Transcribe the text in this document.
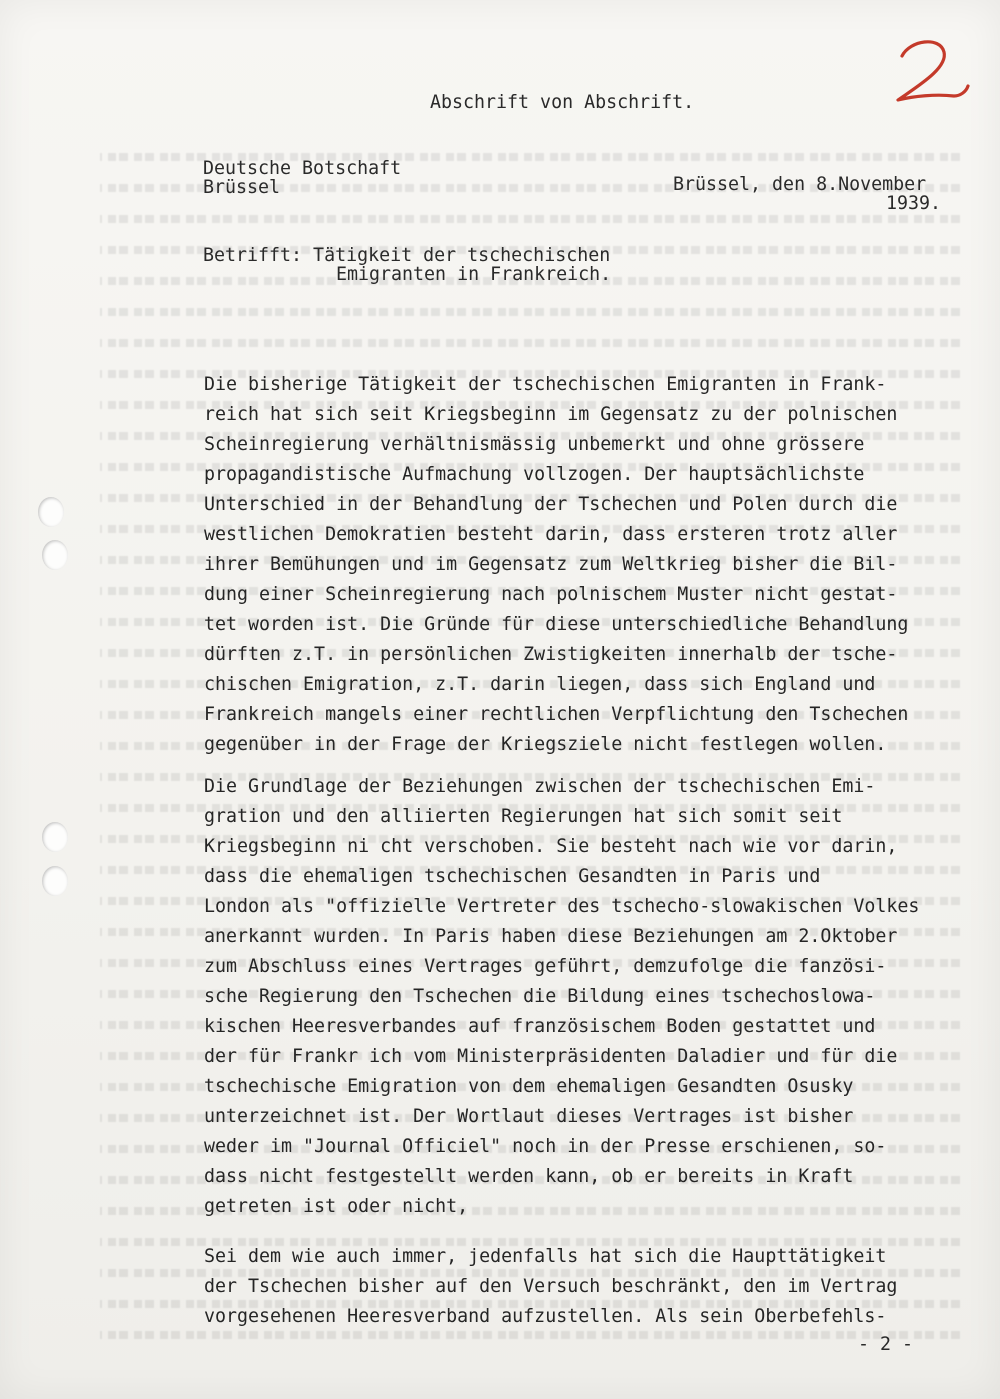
Abschrift von Abschrift.
Deutsche Botschaft
Brüssel	Brüssel, den 8.November
1939.
Betrifft: Tätigkeit der tschechischen
Emigranten in Frankreich.
Die bisherige Tätigkeit der tschechischen Emigranten in Frank-
reich hat sich seit Kriegsbeginn im Gegensatz zu der polnischen
Scheinregierung verhältnismässig unbemerkt und ohne grössere
propagandistische Aufmachung vollzogen. Der hauptsächlichste
Unterschied in der Behandlung der Tschechen und Polen durch die
westlichen Demokratien besteht darin, dass ersteren trotz aller
ihrer Bemühungen und im Gegensatz zum Weltkrieg bisher die Bil-
dung einer Scheinregierung nach polnischem Muster nicht gestat-
tet worden ist. Die Gründe für diese unterschiedliche Behandlung
dürften z.T. in persönlichen Zwistigkeiten innerhalb der tsche-
chischen Emigration, z.T. darin liegen, dass sich England und
Frankreich mangels einer rechtlichen Verpflichtung den Tschechen
gegenüber in der Frage der Kriegsziele nicht festlegen wollen.
Die Grundlage der Beziehungen zwischen der tschechischen Emi-
gration und den alliierten Regierungen hat sich somit seit
Kriegsbeginn ni cht verschoben. Sie besteht nach wie vor darin,
dass die ehemaligen tschechischen Gesandten in Paris und
London als "offizielle Vertreter des tschecho-slowakischen Volkes
anerkannt wurden. In Paris haben diese Beziehungen am 2.Oktober
zum Abschluss eines Vertrages geführt, demzufolge die fanzösi-
sche Regierung den Tschechen die Bildung eines tschechoslowa-
kischen Heeresverbandes auf französischem Boden gestattet und
der für Frankr ich vom Ministerpräsidenten Daladier und für die
tschechische Emigration von dem ehemaligen Gesandten Osusky
unterzeichnet ist. Der Wortlaut dieses Vertrages ist bisher
weder im "Journal Officiel" noch in der Presse erschienen, so-
dass nicht festgestellt werden kann, ob er bereits in Kraft
getreten ist oder nicht,
Sei dem wie auch immer, jedenfalls hat sich die Haupttätigkeit
der Tschechen bisher auf den Versuch beschränkt, den im Vertrag
vorgesehenen Heeresverband aufzustellen. Als sein Oberbefehls-
- 2 -
